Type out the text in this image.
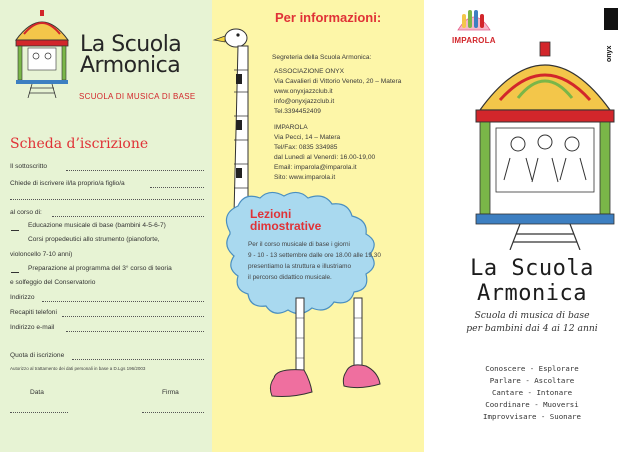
La Scuola
Armonica
SCUOLA DI MUSICA DI BASE
Scheda d’iscrizione
Il sottoscritto
Chiede di iscrivere il/la proprio/a figlio/a
al corso di:
Educazione musicale di base (bambini 4-5-6-7)
Corsi propedeutici allo strumento (pianoforte,
violoncello 7-10 anni)
Preparazione al programma del 3° corso di teoria
e solfeggio del Conservatorio
Indirizzo
Recapiti telefoni
Indirizzo e-mail
Quota di iscrizione
Autorizzo al trattamento dei dati personali in base a D.Lgs 196/2003
Data	Firma
Per informazioni:
Segreteria della Scuola Armonica:
ASSOCIAZIONE ONYX
Via Cavalieri di Vittorio Veneto, 20 – Matera
www.onyxjazzclub.it
info@onyxjazzclub.it
Tel.3394452409
IMPAROLA
Via Pecci, 14 – Matera
Tel/Fax: 0835 334985
dal Lunedì al Venerdì: 16.00-19,00
Email: imparola@imparola.it
Sito: www.imparola.it
Lezioni
dimostrative
Per il corso musicale di base i giorni
9 - 10 - 13 settembre dalle ore 18.00 alle 19.30
presentiamo la struttura e illustriamo
il percorso didattico musicale.
IMPAROLA
onyx
La Scuola
Armonica
Scuola di musica di base
per bambini dai 4 ai 12 anni
Conoscere - Esplorare
Parlare - Ascoltare
Cantare - Intonare
Coordinare - Muoversi
Improvvisare - Suonare
